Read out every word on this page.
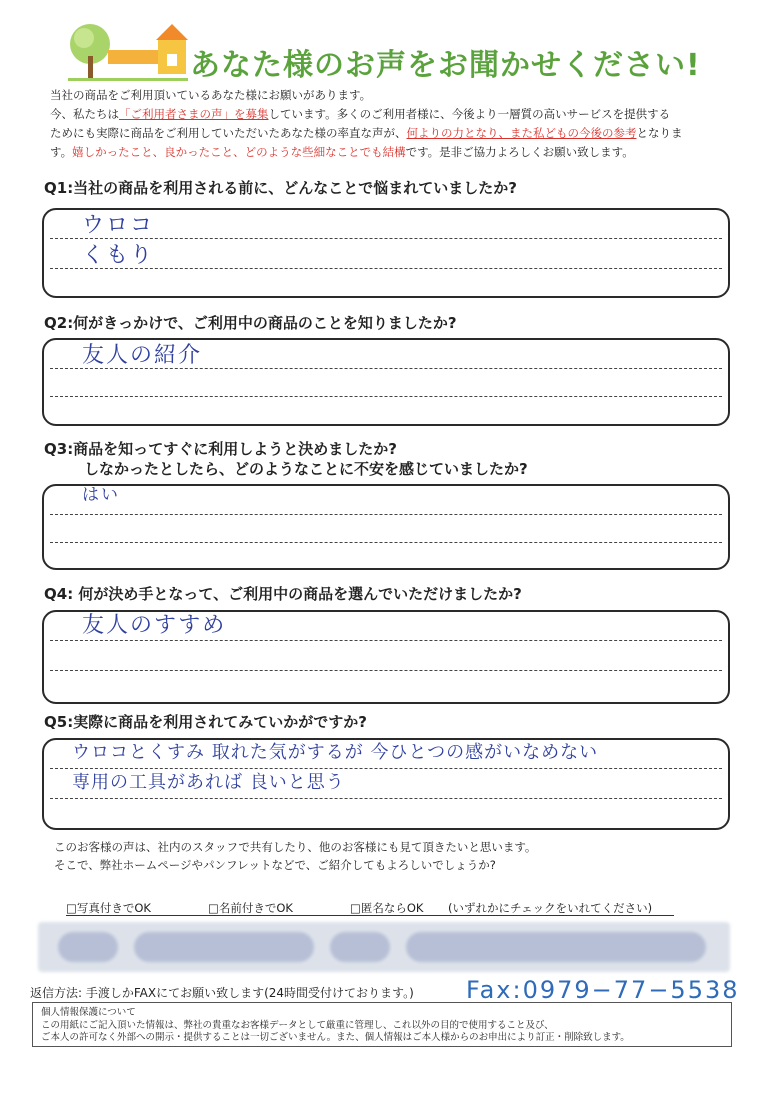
あなた様のお声をお聞かせください!
当社の商品をご利用頂いているあなた様にお願いがあります。
今、私たちは「ご利用者さまの声」を募集しています。多くのご利用者様に、今後より一層質の高いサービスを提供する
ためにも実際に商品をご利用していただいたあなた様の率直な声が、何よりの力となり、また私どもの今後の参考となりま
す。嬉しかったこと、良かったこと、どのような些細なことでも結構です。是非ご協力よろしくお願い致します。
Q1:当社の商品を利用される前に、どんなことで悩まれていましたか?
ウロコ
くもり
Q2:何がきっかけで、ご利用中の商品のことを知りましたか?
友人の紹介
Q3:商品を知ってすぐに利用しようと決めましたか?
しなかったとしたら、どのようなことに不安を感じていましたか?
はい
Q4: 何が決め手となって、ご利用中の商品を選んでいただけましたか?
友人のすすめ
Q5:実際に商品を利用されてみていかがですか?
ウロコとくすみ 取れた気がするが 今ひとつの感がいなめない
専用の工具があれば 良いと思う
このお客様の声は、社内のスタッフで共有したり、他のお客様にも見て頂きたいと思います。
そこで、弊社ホームページやパンフレットなどで、ご紹介してもよろしいでしょうか?
□写真付きでOK	□名前付きでOK	□匿名ならOK (いずれかにチェックをいれてください)
返信方法: 手渡しかFAXにてお願い致します(24時間受付けております。) Fax:0979−77−5538
個人情報保護について
この用紙にご記入頂いた情報は、弊社の貴重なお客様データとして厳重に管理し、これ以外の目的で使用すること及び、
ご本人の許可なく外部への開示・提供することは一切ございません。また、個人情報はご本人様からのお申出により訂正・削除致します。
